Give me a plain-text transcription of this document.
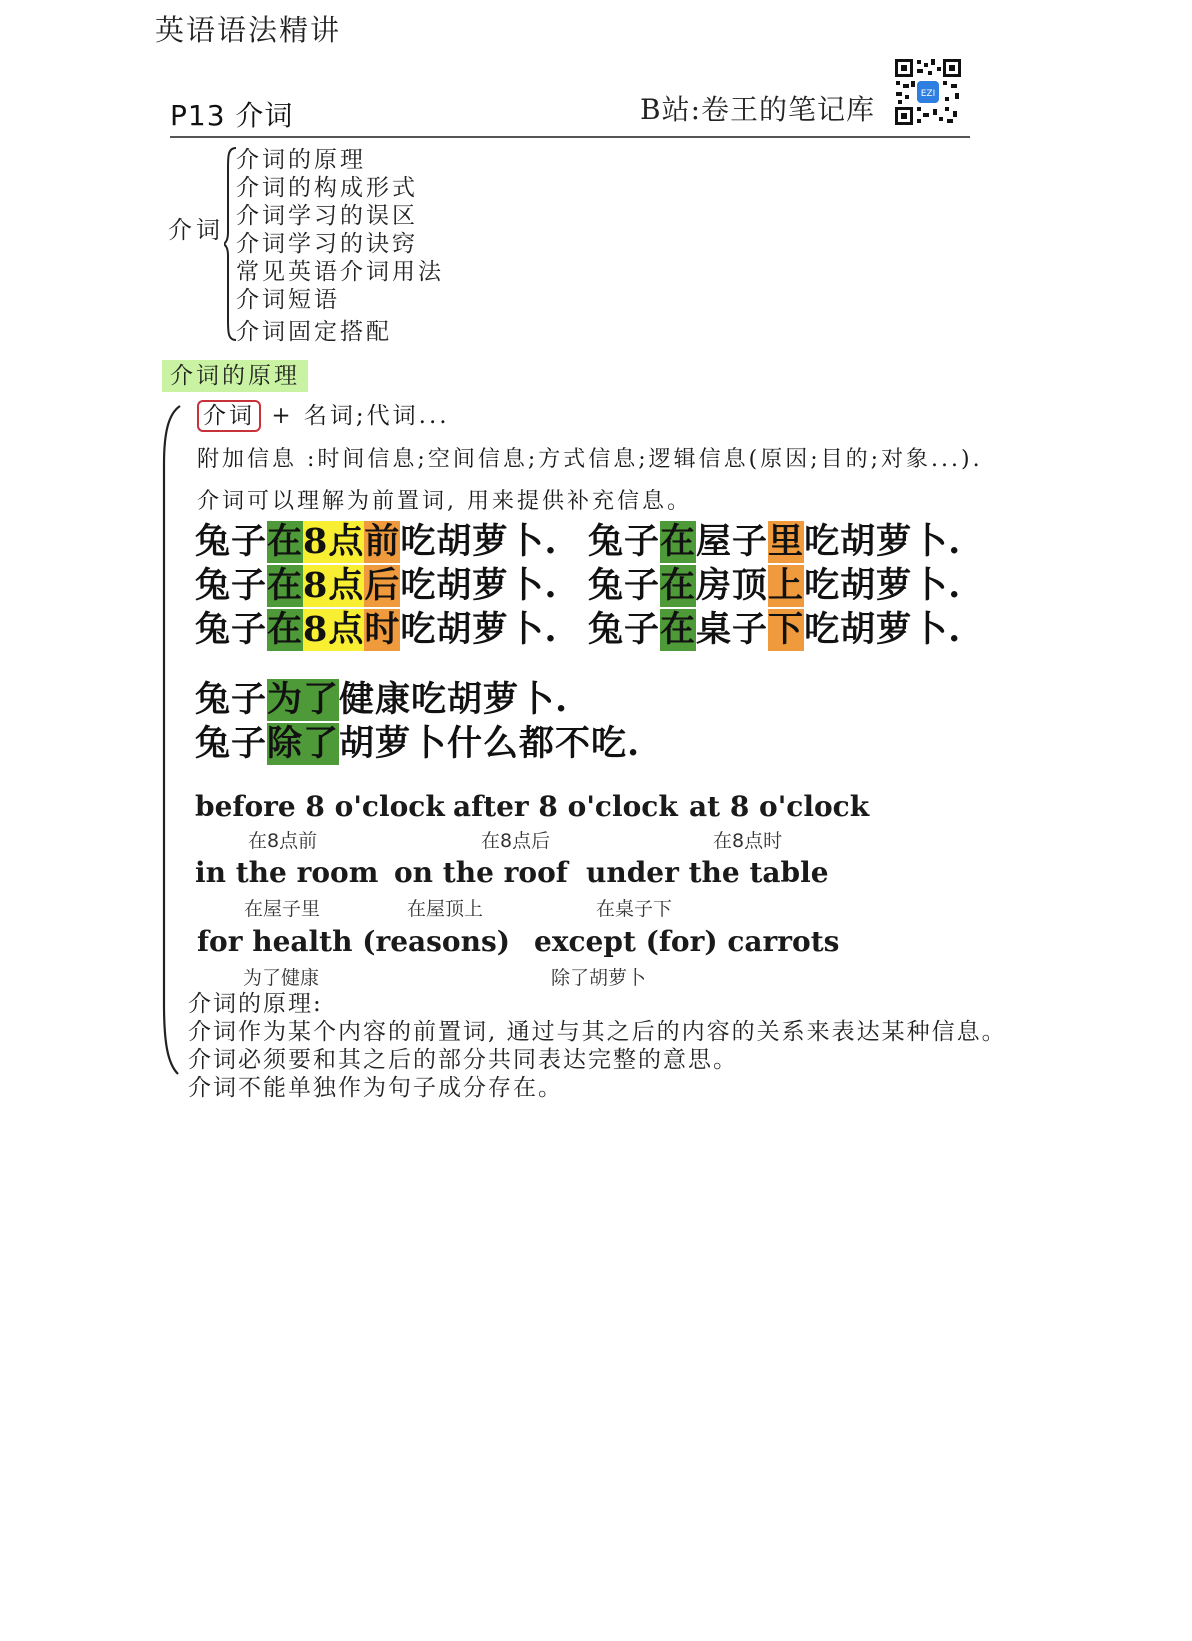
英语语法精讲
P13 介词	B站:卷王的笔记库	EZI
介词
介词的原理
介词的构成形式
介词学习的误区
介词学习的诀窍
常见英语介词用法
介词短语
介词固定搭配
介词的原理
介词 + 名词;代词...
附加信息 :时间信息;空间信息;方式信息;逻辑信息(原因;目的;对象...).
介词可以理解为前置词, 用来提供补充信息。
兔子在8点前吃胡萝卜.
兔子在8点后吃胡萝卜.
兔子在8点时吃胡萝卜.
兔子在屋子里吃胡萝卜.
兔子在房顶上吃胡萝卜.
兔子在桌子下吃胡萝卜.
兔子为了健康吃胡萝卜.
兔子除了胡萝卜什么都不吃.
before 8 o'clock
在8点前
after 8 o'clock
在8点后
at 8 o'clock
在8点时
in the room
在屋子里
on the roof
在屋顶上
under the table
在桌子下
for health (reasons)
为了健康
except (for) carrots
除了胡萝卜
介词的原理:
介词作为某个内容的前置词, 通过与其之后的内容的关系来表达某种信息。
介词必须要和其之后的部分共同表达完整的意思。
介词不能单独作为句子成分存在。
